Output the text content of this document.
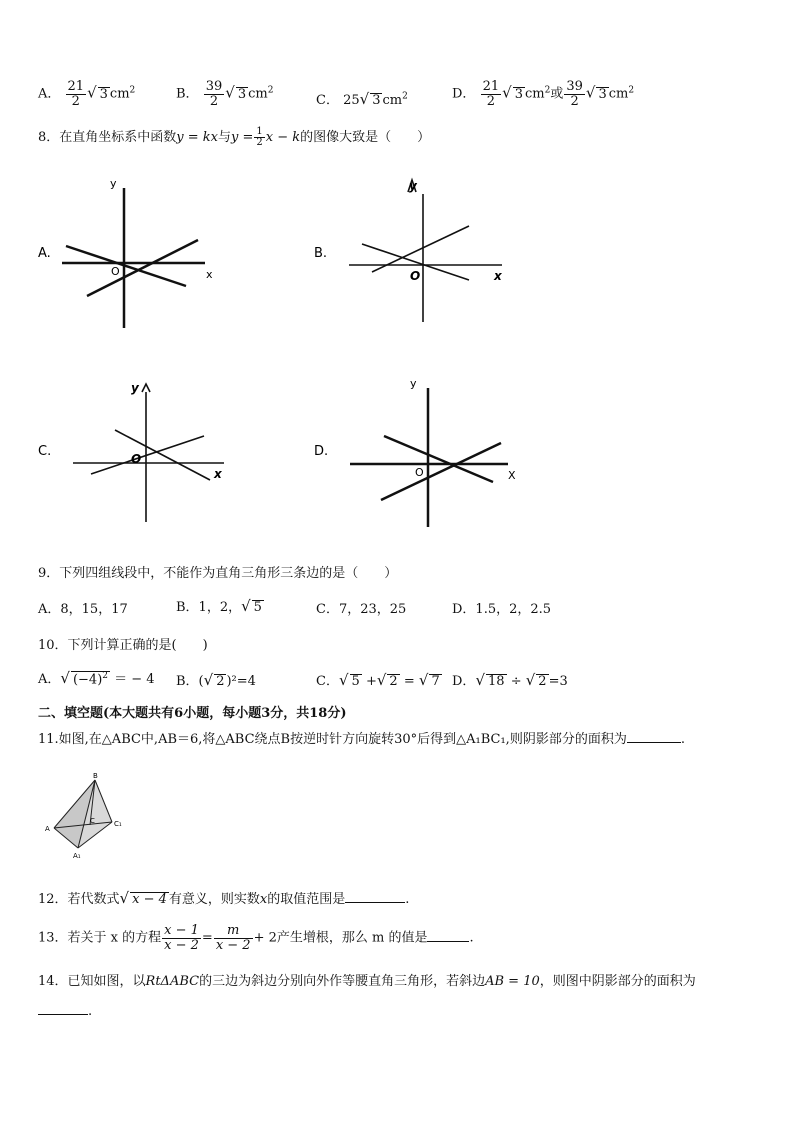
A． $\frac{21}{2}$ √ 3 $cm^2$	B． $\frac{39}{2}$ √ 3 $cm^2$
C． 25√ 3 $cm^2$	D． $\frac{21}{2}$ √ 3 $cm^2$或 $\frac{39}{2}$ √ 3 $cm^2$
8．在直角坐标系中函数y = kx与$y = \frac{1}{2}$ x − k的图像大致是（　　）
A.
y
O	x
B.
y
O	x
C.
y
O
x
D.
y
O	X
9．下列四组线段中，不能作为直角三角形三条边的是（　　）
A．8，15，17	B．1，2，√ 5	C．7，23，25	D．1.5，2，2.5
10．下列计算正确的是(　　)
A．√ $(-4)^2$ ＝ − 4 B．(√ 2 )²=4	C．√ 5 +√ 2 = √ 7 D．√ 18 ÷ √ 2 =3
二、填空题(本大题共有6小题，每小题3分，共18分)
11.如图,在△ABC中,AB＝6,将△ABC绕点B按逆时针方向旋转30°后得到△A₁BC₁,则阴影部分的面积为	.
B
A
C	C₁
A₁
12．若代数式√ x − 4 有意义，则实数x的取值范围是	.
13．若关于 x 的方程 $\frac{x - 1}{x - 2} = \frac{m}{x - 2} + 2$产生增根，那么 m 的值是	.
14．已知如图，以RtΔABC的三边为斜边分别向外作等腰直角三角形，若斜边AB = 10，则图中阴影部分的面积为
.
